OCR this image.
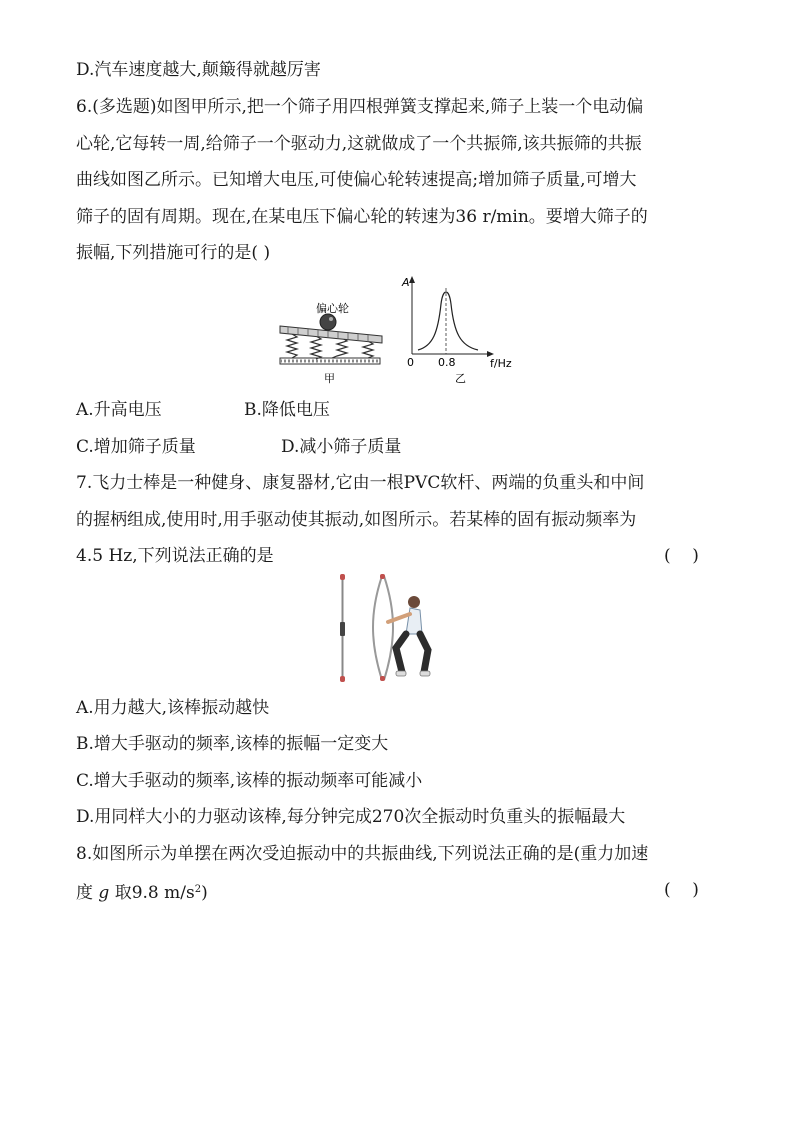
D.汽车速度越大,颠簸得就越厉害
6.(多选题)如图甲所示,把一个筛子用四根弹簧支撑起来,筛子上装一个电动偏
心轮,它每转一周,给筛子一个驱动力,这就做成了一个共振筛,该共振筛的共振
曲线如图乙所示。已知增大电压,可使偏心轮转速提高;增加筛子质量,可增大
筛子的固有周期。现在,在某电压下偏心轮的转速为36 r/min。要增大筛子的
振幅,下列措施可行的是( )
偏心轮
甲
A
0 0.8	f/Hz
乙
A.升高电压	B.降低电压
C.增加筛子质量	D.减小筛子质量
7.飞力士棒是一种健身、康复器材,它由一根PVC软杆、两端的负重头和中间
的握柄组成,使用时,用手驱动使其振动,如图所示。若某棒的固有振动频率为
4.5 Hz,下列说法正确的是	(    )
A.用力越大,该棒振动越快
B.增大手驱动的频率,该棒的振幅一定变大
C.增大手驱动的频率,该棒的振动频率可能减小
D.用同样大小的力驱动该棒,每分钟完成270次全振动时负重头的振幅最大
8.如图所示为单摆在两次受迫振动中的共振曲线,下列说法正确的是(重力加速
度 g 取9.8 $m/s^2$)	(    )
